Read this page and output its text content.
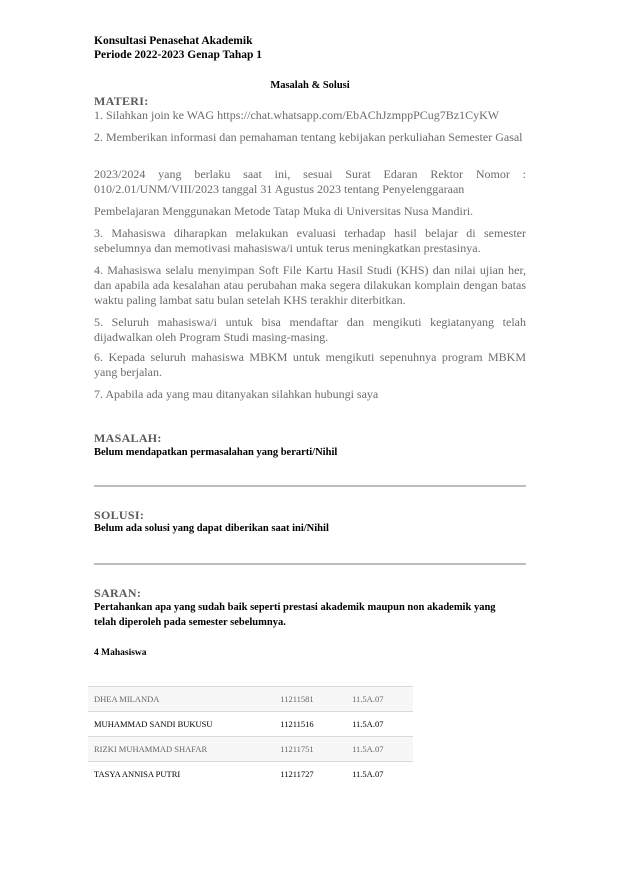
Konsultasi Penasehat Akademik
Periode 2022-2023 Genap Tahap 1
Masalah & Solusi
MATERI:

1. Silahkan join ke WAG https://chat.whatsapp.com/EbAChJzmppPCug7Bz1CyKW

2. Memberikan informasi dan pemahaman tentang kebijakan perkuliahan Semester Gasal

2023/2024 yang berlaku saat ini, sesuai Surat Edaran Rektor Nomor : 010/2.01/UNM/VIII/2023 tanggal 31 Agustus 2023 tentang Penyelenggaraan

Pembelajaran Menggunakan Metode Tatap Muka di Universitas Nusa Mandiri.

3. Mahasiswa diharapkan melakukan evaluasi terhadap hasil belajar di semester sebelumnya dan memotivasi mahasiswa/i untuk terus meningkatkan prestasinya.

4. Mahasiswa selalu menyimpan Soft File Kartu Hasil Studi (KHS) dan nilai ujian her, dan apabila ada kesalahan atau perubahan maka segera dilakukan komplain dengan batas waktu paling lambat satu bulan setelah KHS terakhir diterbitkan.

5. Seluruh mahasiswa/i untuk bisa mendaftar dan mengikuti kegiatanyang telah dijadwalkan oleh Program Studi masing-masing.

6. Kepada seluruh mahasiswa MBKM untuk mengikuti sepenuhnya program MBKM yang berjalan.

7. Apabila ada yang mau ditanyakan silahkan hubungi saya

MASALAH:
Belum mendapatkan permasalahan yang berarti/Nihil
SOLUSI:
Belum ada solusi yang dapat diberikan saat ini/Nihil
SARAN:
Pertahankan apa yang sudah baik seperti prestasi akademik maupun non akademik yang telah diperoleh pada semester sebelumnya.
4 Mahasiswa
DHEA MILANDA	11211581	11.5A.07
MUHAMMAD SANDI BUKUSU	11211516	11.5A.07
RIZKI MUHAMMAD SHAFAR	11211751	11.5A.07
TASYA ANNISA PUTRI	11211727	11.5A.07
